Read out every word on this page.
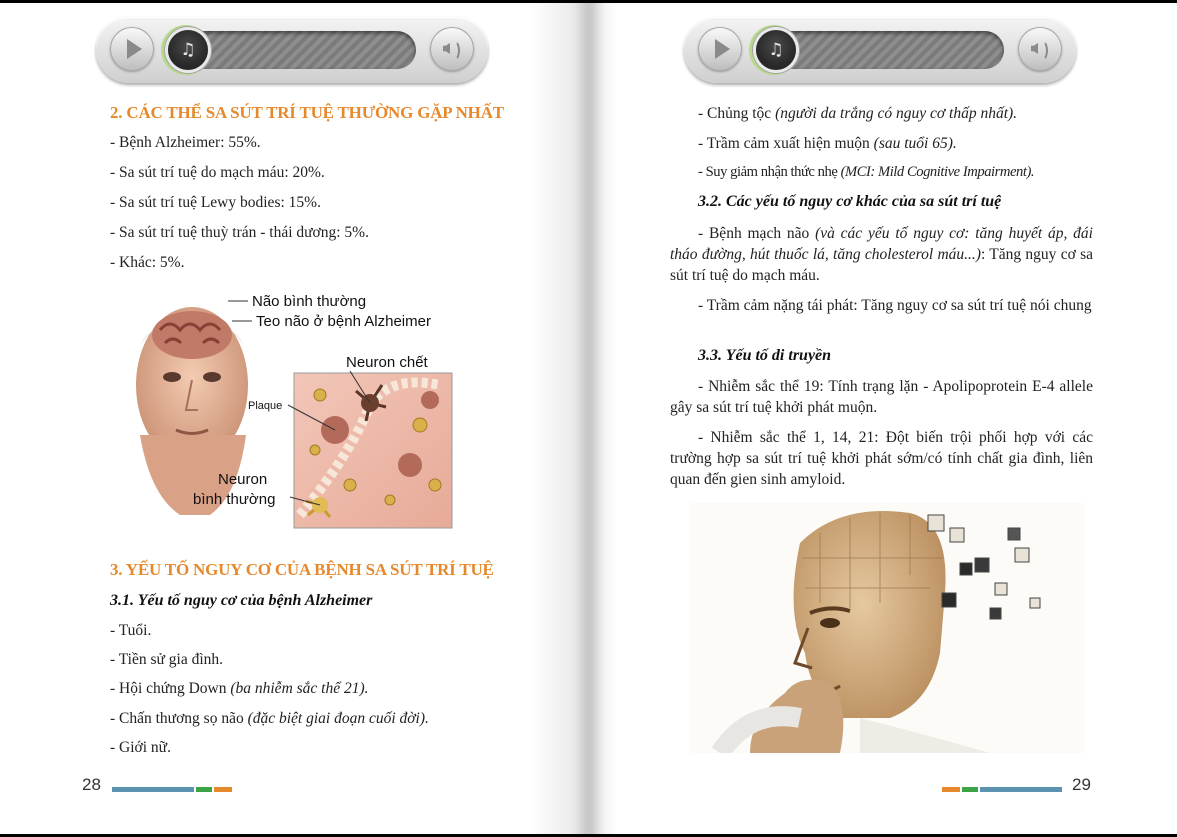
♫
2. CÁC THỂ SA SÚT TRÍ TUỆ THƯỜNG GẶP NHẤT
- Bệnh Alzheimer: 55%.
- Sa sút trí tuệ do mạch máu: 20%.
- Sa sút trí tuệ Lewy bodies: 15%.
- Sa sút trí tuệ thuỳ trán - thái dương: 5%.
- Khác: 5%.
Não bình thường
Teo não ở bệnh Alzheimer
Neuron chết
Plaque
Neuron
bình thường
3. YẾU TỐ NGUY CƠ CỦA BỆNH SA SÚT TRÍ TUỆ
3.1. Yếu tố nguy cơ của bệnh Alzheimer
- Tuổi.
- Tiền sử gia đình.
- Hội chứng Down (ba nhiễm sắc thể 21).
- Chấn thương sọ não (đặc biệt giai đoạn cuối đời).
- Giới nữ.
28
♫
- Chủng tộc (người da trắng có nguy cơ thấp nhất).
- Trầm cảm xuất hiện muộn (sau tuổi 65).
- Suy giảm nhận thức nhẹ (MCI: Mild Cognitive Impairment).
3.2. Các yếu tố nguy cơ khác của sa sút trí tuệ
- Bệnh mạch não (và các yếu tố nguy cơ: tăng huyết áp, đái tháo đường, hút thuốc lá, tăng cholesterol máu...): Tăng nguy cơ sa sút trí tuệ do mạch máu.
- Trầm cảm nặng tái phát: Tăng nguy cơ sa sút trí tuệ nói chung
3.3. Yếu tố di truyền
- Nhiễm sắc thể 19: Tính trạng lặn - Apolipoprotein E-4 allele gây sa sút trí tuệ khởi phát muộn.
- Nhiễm sắc thể 1, 14, 21: Đột biến trội phối hợp với các trường hợp sa sút trí tuệ khởi phát sớm/có tính chất gia đình, liên quan đến gien sinh amyloid.
29
